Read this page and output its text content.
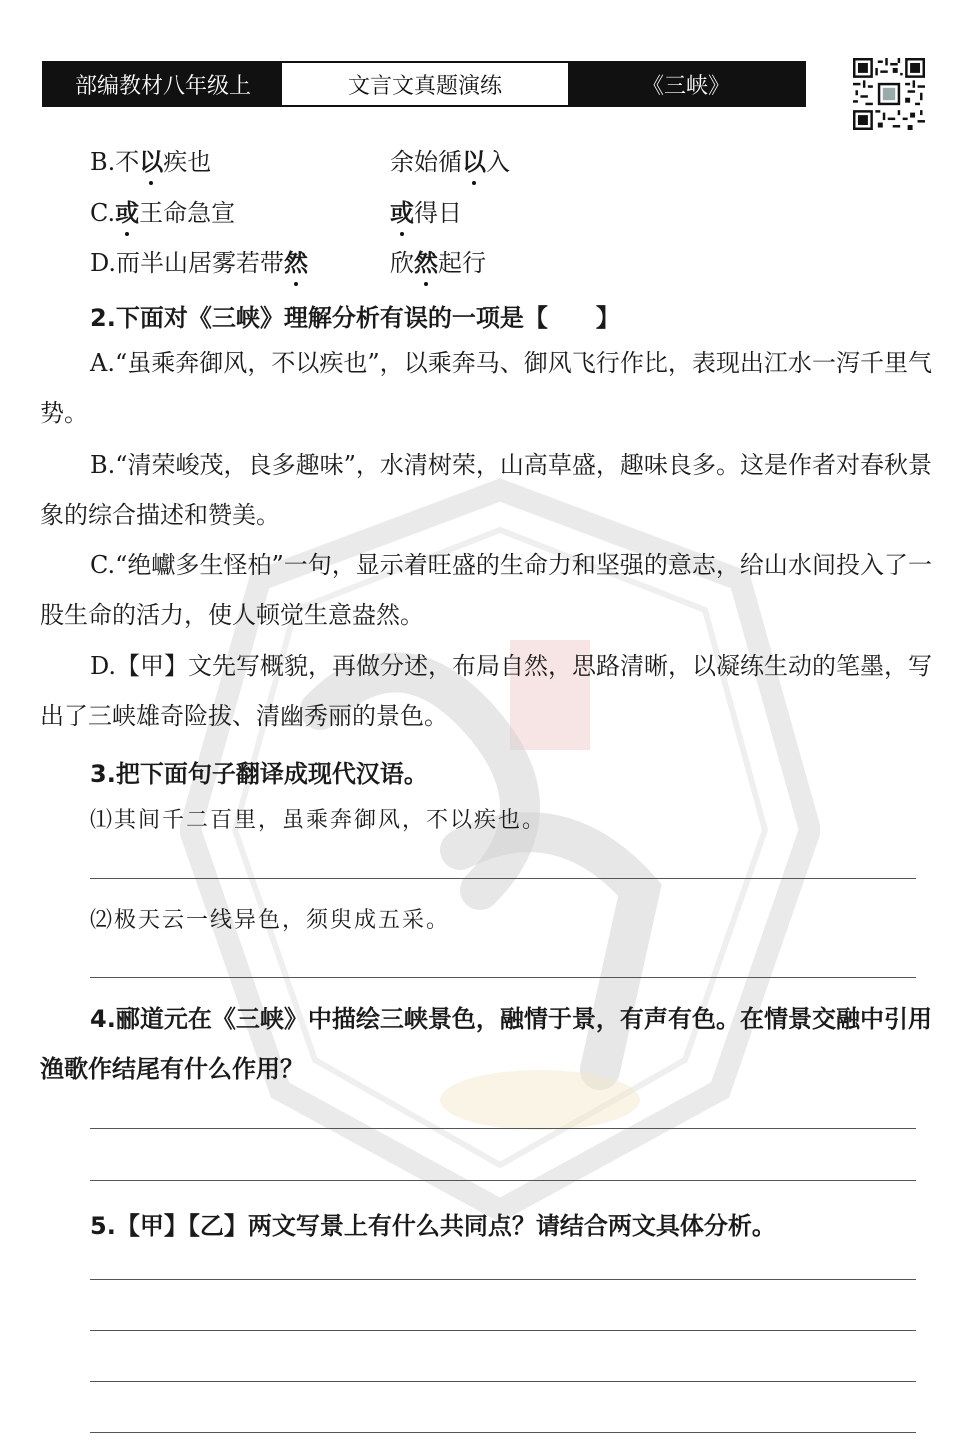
部编教材八年级上	文言文真题演练	《三峡》
B.不以疾也	余始循以入
C.或王命急宣	或得日
D.而半山居雾若带然	欣然起行
2.下面对《三峡》理解分析有误的一项是【　　】
A.“虽乘奔御风，不以疾也”，以乘奔马、御风飞行作比，表现出江水一泻千里气势。
B.“清荣峻茂，良多趣味”，水清树荣，山高草盛，趣味良多。这是作者对春秋景象的综合描述和赞美。
C.“绝巘多生怪柏”一句，显示着旺盛的生命力和坚强的意志，给山水间投入了一股生命的活力，使人顿觉生意盎然。
D.【甲】文先写概貌，再做分述，布局自然，思路清晰，以凝练生动的笔墨，写出了三峡雄奇险拔、清幽秀丽的景色。
3.把下面句子翻译成现代汉语。
⑴其间千二百里，虽乘奔御风，不以疾也。
⑵极天云一线异色，须臾成五采。
4.郦道元在《三峡》中描绘三峡景色，融情于景，有声有色。在情景交融中引用渔歌作结尾有什么作用？
5.【甲】【乙】两文写景上有什么共同点？请结合两文具体分析。
